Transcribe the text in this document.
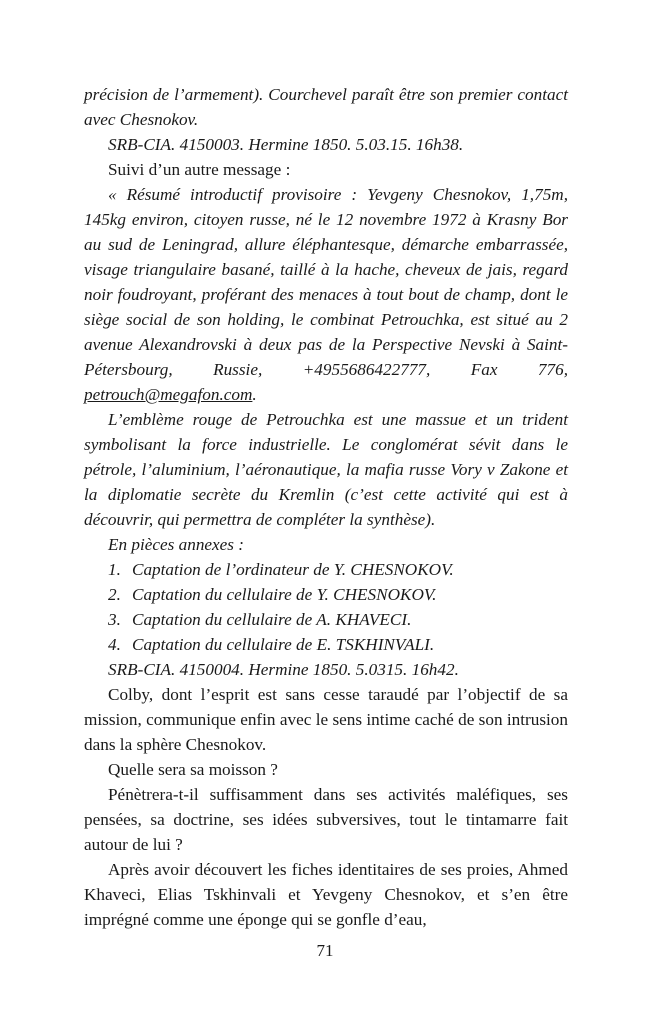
précision de l’armement). Courchevel paraît être son premier contact avec Chesnokov.

SRB-CIA. 4150003. Hermine 1850. 5.03.15. 16h38.

Suivi d’un autre message :

« Résumé introductif provisoire : Yevgeny Chesnokov, 1,75m, 145kg environ, citoyen russe, né le 12 novembre 1972 à Krasny Bor au sud de Leningrad, allure éléphantesque, démarche embarrassée, visage triangulaire basané, taillé à la hache, cheveux de jais, regard noir foudroyant, proférant des menaces à tout bout de champ, dont le siège social de son holding, le combinat Petrouchka, est situé au 2 avenue Alexandrovski à deux pas de la Perspective Nevski à Saint-Pétersbourg, Russie, +4955686422777, Fax 776, petrouch@megafon.com.

L’emblème rouge de Petrouchka est une massue et un trident symbolisant la force industrielle. Le conglomérat sévit dans le pétrole, l’aluminium, l’aéronautique, la mafia russe Vory v Zakone et la diplomatie secrète du Kremlin (c’est cette activité qui est à découvrir, qui permettra de compléter la synthèse).

En pièces annexes :

1. Captation de l’ordinateur de Y. CHESNOKOV.

2. Captation du cellulaire de Y. CHESNOKOV.

3. Captation du cellulaire de A. KHAVECI.

4. Captation du cellulaire de E. TSKHINVALI.

SRB-CIA. 4150004. Hermine 1850. 5.0315. 16h42.

Colby, dont l’esprit est sans cesse taraudé par l’objectif de sa mission, communique enfin avec le sens intime caché de son intrusion dans la sphère Chesnokov.

Quelle sera sa moisson ?

Pénètrera-t-il suffisamment dans ses activités maléfiques, ses pensées, sa doctrine, ses idées subversives, tout le tintamarre fait autour de lui ?

Après avoir découvert les fiches identitaires de ses proies, Ahmed Khaveci, Elias Tskhinvali et Yevgeny Chesnokov, et s’en être imprégné comme une éponge qui se gonfle d’eau,

71
